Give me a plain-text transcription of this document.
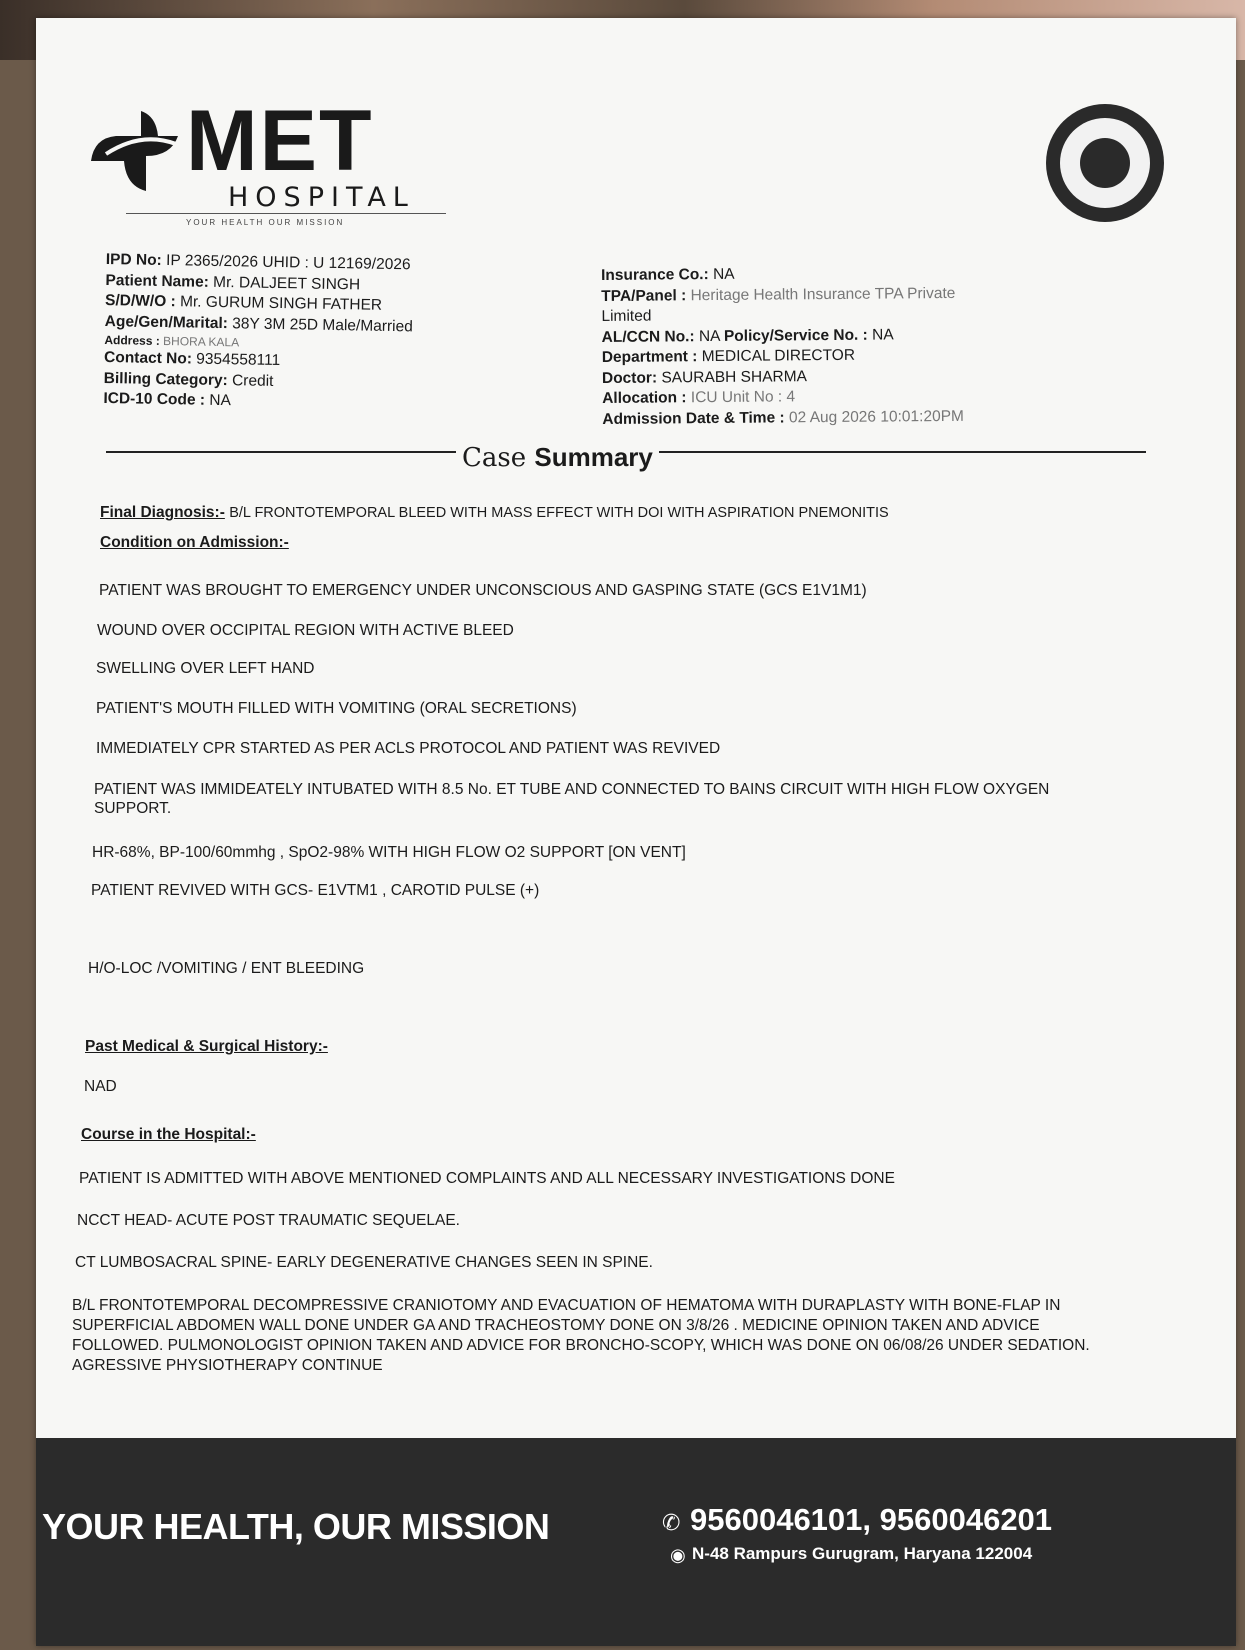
MET
HOSPITAL
YOUR HEALTH OUR MISSION
IPD No: IP 2365/2026 UHID : U 12169/2026
Patient Name: Mr. DALJEET SINGH
S/D/W/O : Mr. GURUM SINGH FATHER
Age/Gen/Marital: 38Y 3M 25D Male/Married
Address : BHORA KALA
Contact No: 9354558111
Billing Category: Credit
ICD-10 Code : NA
Insurance Co.: NA
TPA/Panel : Heritage Health Insurance TPA Private
Limited
AL/CCN No.: NA Policy/Service No. : NA
Department : MEDICAL DIRECTOR
Doctor: SAURABH SHARMA
Allocation : ICU Unit No : 4
Admission Date & Time : 02 Aug 2026 10:01:20PM
Case Summary
Final Diagnosis:- B/L FRONTOTEMPORAL BLEED WITH MASS EFFECT WITH DOI WITH ASPIRATION PNEMONITIS
Condition on Admission:-
PATIENT WAS BROUGHT TO EMERGENCY UNDER UNCONSCIOUS AND GASPING STATE (GCS E1V1M1)
WOUND OVER OCCIPITAL REGION WITH ACTIVE BLEED
SWELLING OVER LEFT HAND
PATIENT'S MOUTH FILLED WITH VOMITING (ORAL SECRETIONS)
IMMEDIATELY CPR STARTED AS PER ACLS PROTOCOL AND PATIENT WAS REVIVED
PATIENT WAS IMMIDEATELY INTUBATED WITH 8.5 No. ET TUBE AND CONNECTED TO BAINS CIRCUIT WITH HIGH FLOW OXYGEN SUPPORT.
HR-68%, BP-100/60mmhg , SpO2-98% WITH HIGH FLOW O2 SUPPORT [ON VENT]
PATIENT REVIVED WITH GCS- E1VTM1 , CAROTID PULSE (+)
H/O-LOC /VOMITING / ENT BLEEDING
Past Medical & Surgical History:-
NAD
Course in the Hospital:-
PATIENT IS ADMITTED WITH ABOVE MENTIONED COMPLAINTS AND ALL NECESSARY INVESTIGATIONS DONE
NCCT HEAD- ACUTE POST TRAUMATIC SEQUELAE.
CT LUMBOSACRAL SPINE- EARLY DEGENERATIVE CHANGES SEEN IN SPINE.
B/L FRONTOTEMPORAL DECOMPRESSIVE CRANIOTOMY AND EVACUATION OF HEMATOMA WITH DURAPLASTY WITH BONE-FLAP IN SUPERFICIAL ABDOMEN WALL DONE UNDER GA AND TRACHEOSTOMY DONE ON 3/8/26 . MEDICINE OPINION TAKEN AND ADVICE FOLLOWED. PULMONOLOGIST OPINION TAKEN AND ADVICE FOR BRONCHO-SCOPY, WHICH WAS DONE ON 06/08/26 UNDER SEDATION. AGRESSIVE PHYSIOTHERAPY CONTINUE
YOUR HEALTH, OUR MISSION	✆ 9560046101, 9560046201
◉ N-48 Rampurs Gurugram, Haryana 122004
